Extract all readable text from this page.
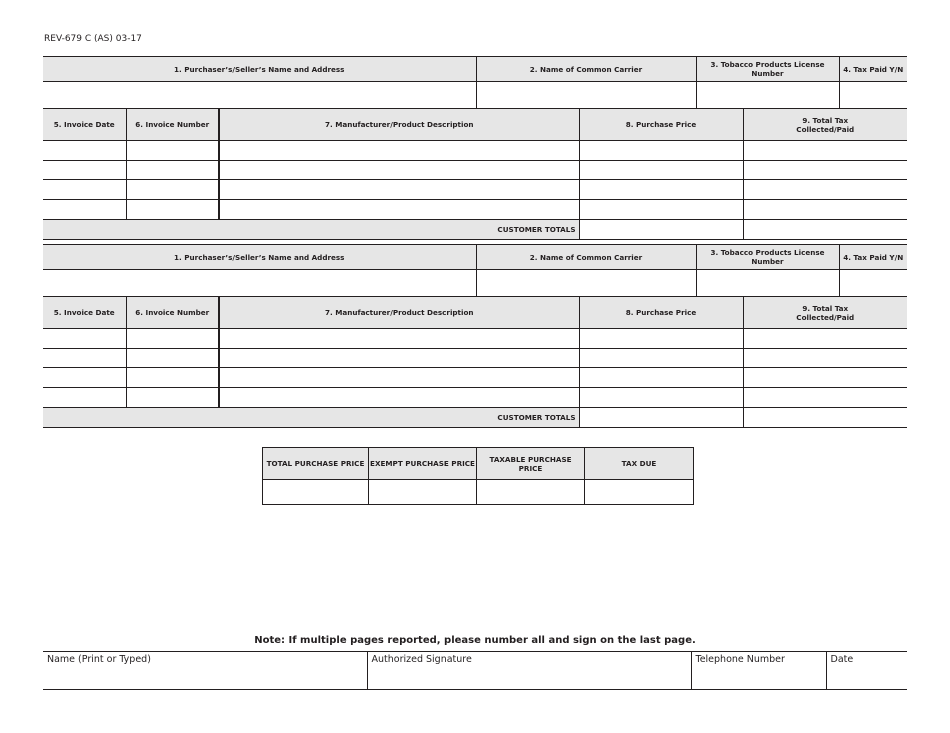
REV-679 C (AS) 03-17
1. Purchaser’s/Seller’s Name and Address	2. Name of Common Carrier	3. Tobacco Products License Number	4. Tax Paid Y/N

5. Invoice Date	6. Invoice Number	7. Manufacturer/Product Description	8. Purchase Price	9. Total Tax
Collected/Paid

CUSTOMER TOTALS				
1. Purchaser’s/Seller’s Name and Address	2. Name of Common Carrier	3. Tobacco Products License Number	4. Tax Paid Y/N

5. Invoice Date	6. Invoice Number	7. Manufacturer/Product Description	8. Purchase Price	9. Total Tax
Collected/Paid

CUSTOMER TOTALS				
TOTAL PURCHASE PRICE	EXEMPT PURCHASE PRICE	TAXABLE PURCHASE PRICE	TAX DUE

Note: If multiple pages reported, please number all and sign on the last page.
Name (Print or Typed)	Authorized Signature	Telephone Number	Date
